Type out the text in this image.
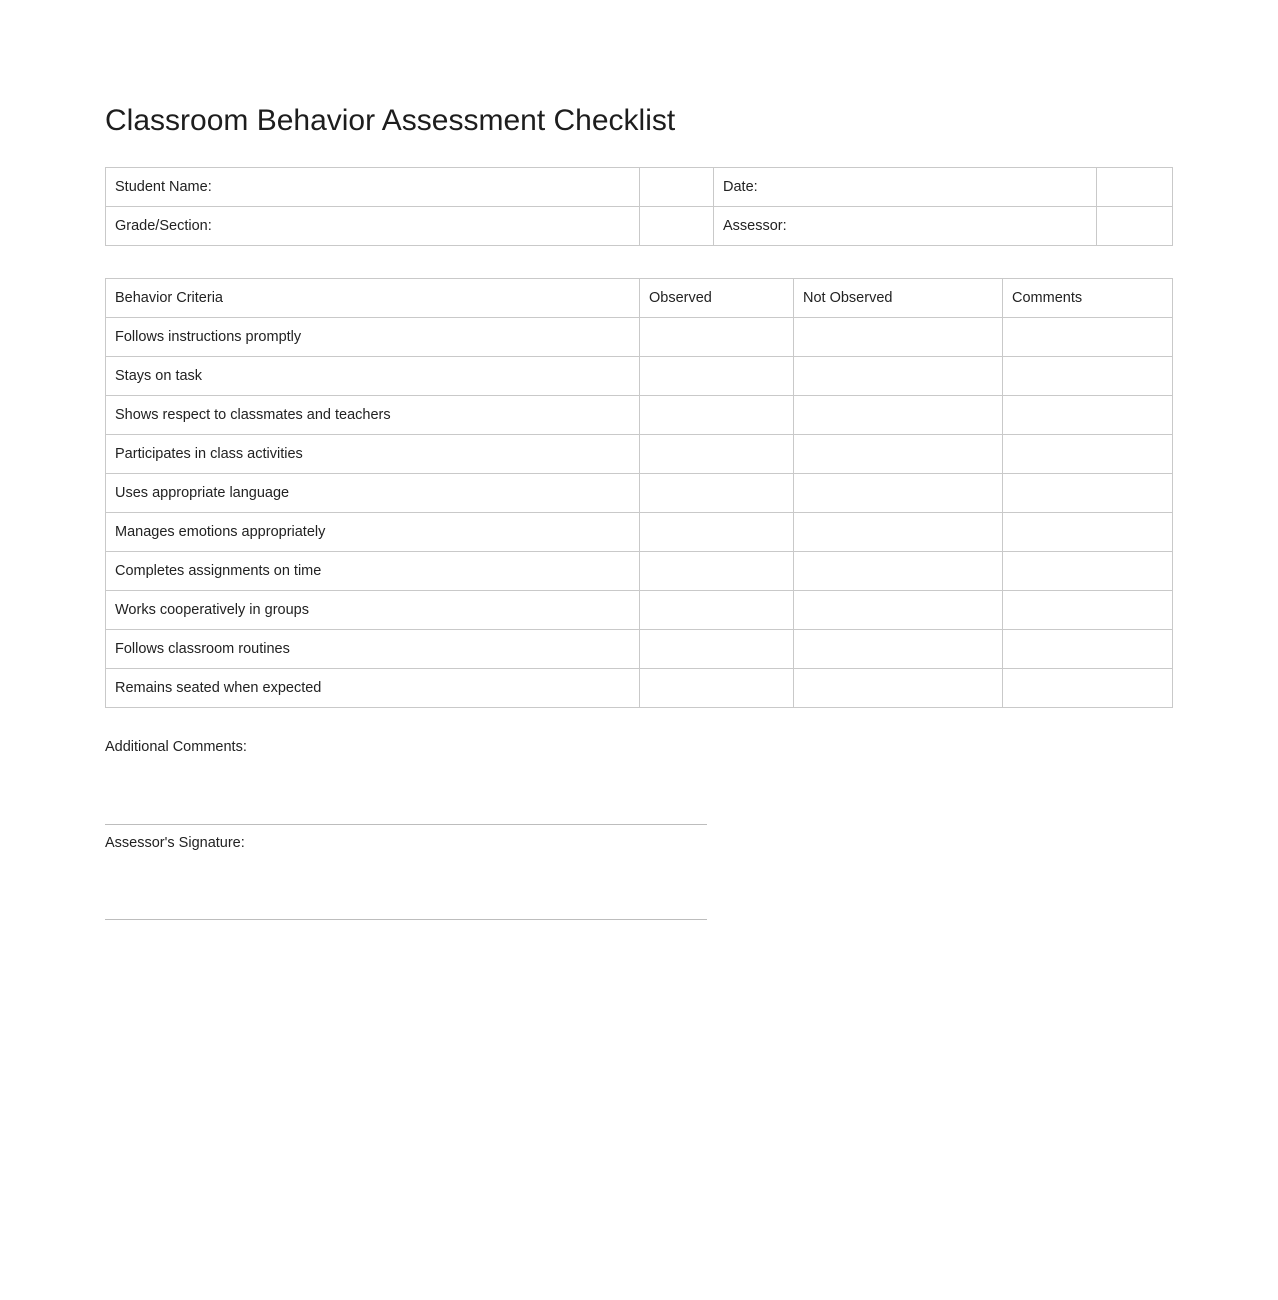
Classroom Behavior Assessment Checklist
Student Name:		Date:	
Grade/Section:		Assessor:	
Behavior Criteria	Observed	Not Observed	Comments
Follows instructions promptly			
Stays on task			
Shows respect to classmates and teachers			
Participates in class activities			
Uses appropriate language			
Manages emotions appropriately			
Completes assignments on time			
Works cooperatively in groups			
Follows classroom routines			
Remains seated when expected			
Additional Comments:
Assessor's Signature:
